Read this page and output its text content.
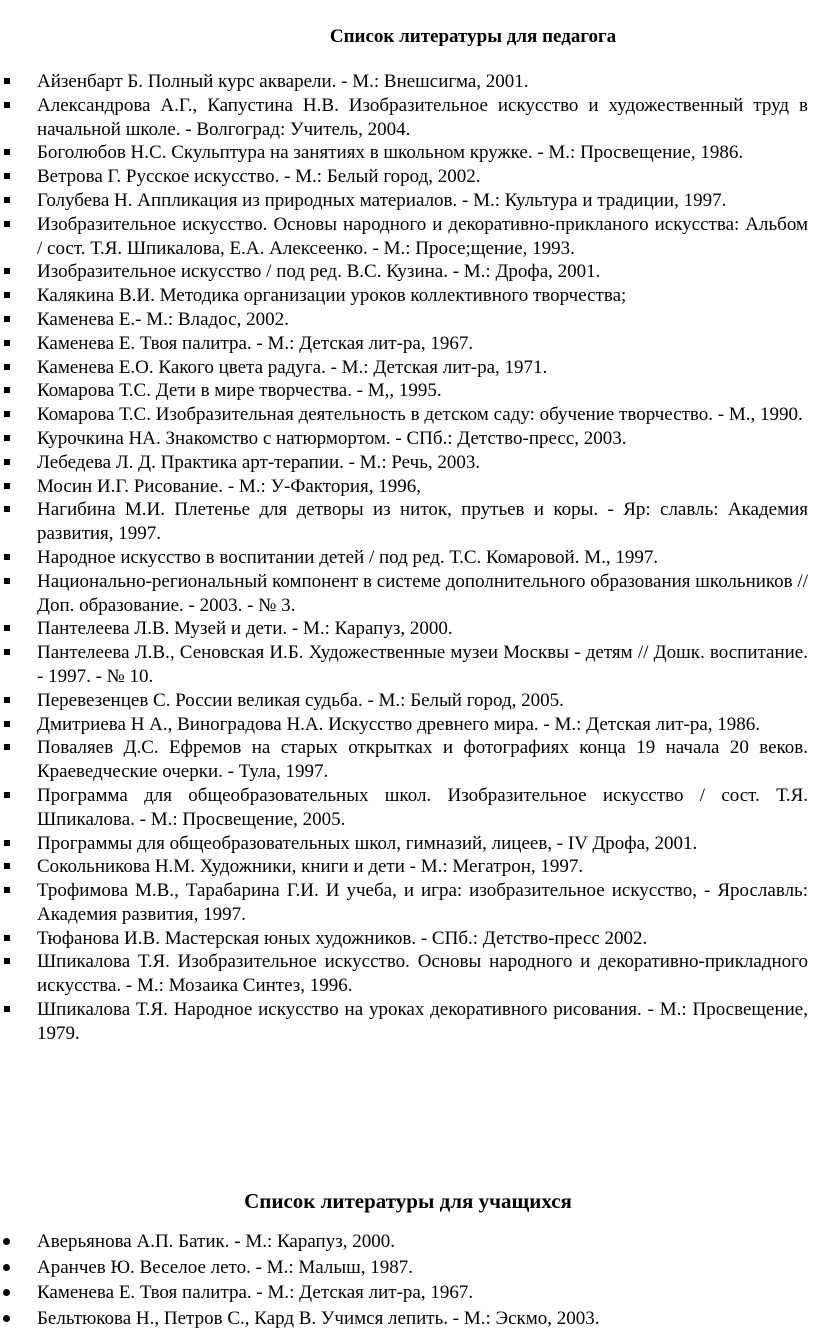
Список литературы для педагога
Айзенбарт Б. Полный курс акварели. - М.: Внешсигма, 2001.
Александрова А.Г., Капустина Н.В. Изобразительное искусство и художественный труд в начальной школе. - Волгоград: Учитель, 2004.
Боголюбов Н.С. Скульптура на занятиях в школьном кружке. - М.: Просвещение, 1986.
Ветрова Г. Русское искусство. - М.: Белый город, 2002.
Голубева Н. Аппликация из природных материалов. - М.: Культура и традиции, 1997.
Изобразительное искусство. Основы народного и декоративно-прикланого искусства: Альбом / сост. Т.Я. Шпикалова, Е.А. Алексеенко. - М.: Просе;щение, 1993.
Изобразительное искусство / под ред. В.С. Кузина. - М.: Дрофа, 2001.
Калякина В.И. Методика организации уроков коллективного творчества;
Каменева Е.- М.: Владос, 2002.
Каменева Е. Твоя палитра. - М.: Детская лит-ра, 1967.
Каменева Е.О. Какого цвета радуга. - М.: Детская лит-ра, 1971.
Комарова Т.С. Дети в мире творчества. - М,, 1995.
Комарова Т.С. Изобразительная деятельность в детском саду: обучение творчество. - М., 1990.
Курочкина НА. Знакомство с натюрмортом. - СПб.: Детство-пресс, 2003.
Лебедева Л. Д. Практика арт-терапии. - М.: Речь, 2003.
Мосин И.Г. Рисование. - М.: У-Фактория, 1996,
Нагибина М.И. Плетенье для детворы из ниток, прутьев и коры. - Яр: славль: Академия развития, 1997.
Народное искусство в воспитании детей / под ред. Т.С. Комаровой. М., 1997.
Национально-региональный компонент в системе дополнительного образования школьников // Доп. образование. - 2003. - № 3.
Пантелеева Л.В. Музей и дети. - М.: Карапуз, 2000.
Пантелеева Л.В., Сеновская И.Б. Художественные музеи Москвы - детям // Дошк. воспитание. - 1997. - № 10.
Перевезенцев С. России великая судьба. - М.: Белый город, 2005.
Дмитриева Н А., Виноградова Н.А. Искусство древнего мира. - М.: Детская лит-ра, 1986.
Поваляев Д.С. Ефремов на старых открытках и фотографиях конца 19 начала 20 веков. Краеведческие очерки. - Тула, 1997.
Программа для общеобразовательных школ. Изобразительное искусство / сост. Т.Я. Шпикалова. - М.: Просвещение, 2005.
Программы для общеобразовательных школ, гимназий, лицеев, - IV Дрофа, 2001.
Сокольникова Н.М. Художники, книги и дети - М.: Мегатрон, 1997.
Трофимова М.В., Тарабарина Г.И. И учеба, и игра: изобразительное искусство, - Ярославль: Академия развития, 1997.
Тюфанова И.В. Мастерская юных художников. - СПб.: Детство-пресс 2002.
Шпикалова Т.Я. Изобразительное искусство. Основы народного и декоративно-прикладного искусства. - М.: Мозаика Синтез, 1996.
Шпикалова Т.Я. Народное искусство на уроках декоративного рисования. - М.: Просвещение, 1979.
Список литературы для учащихся
Аверьянова А.П. Батик. - М.: Карапуз, 2000.
Аранчев Ю. Веселое лето. - М.: Малыш, 1987.
Каменева Е. Твоя палитра. - М.: Детская лит-ра, 1967.
Бельтюкова Н., Петров С., Кард В. Учимся лепить. - М.: Эскмо, 2003.
